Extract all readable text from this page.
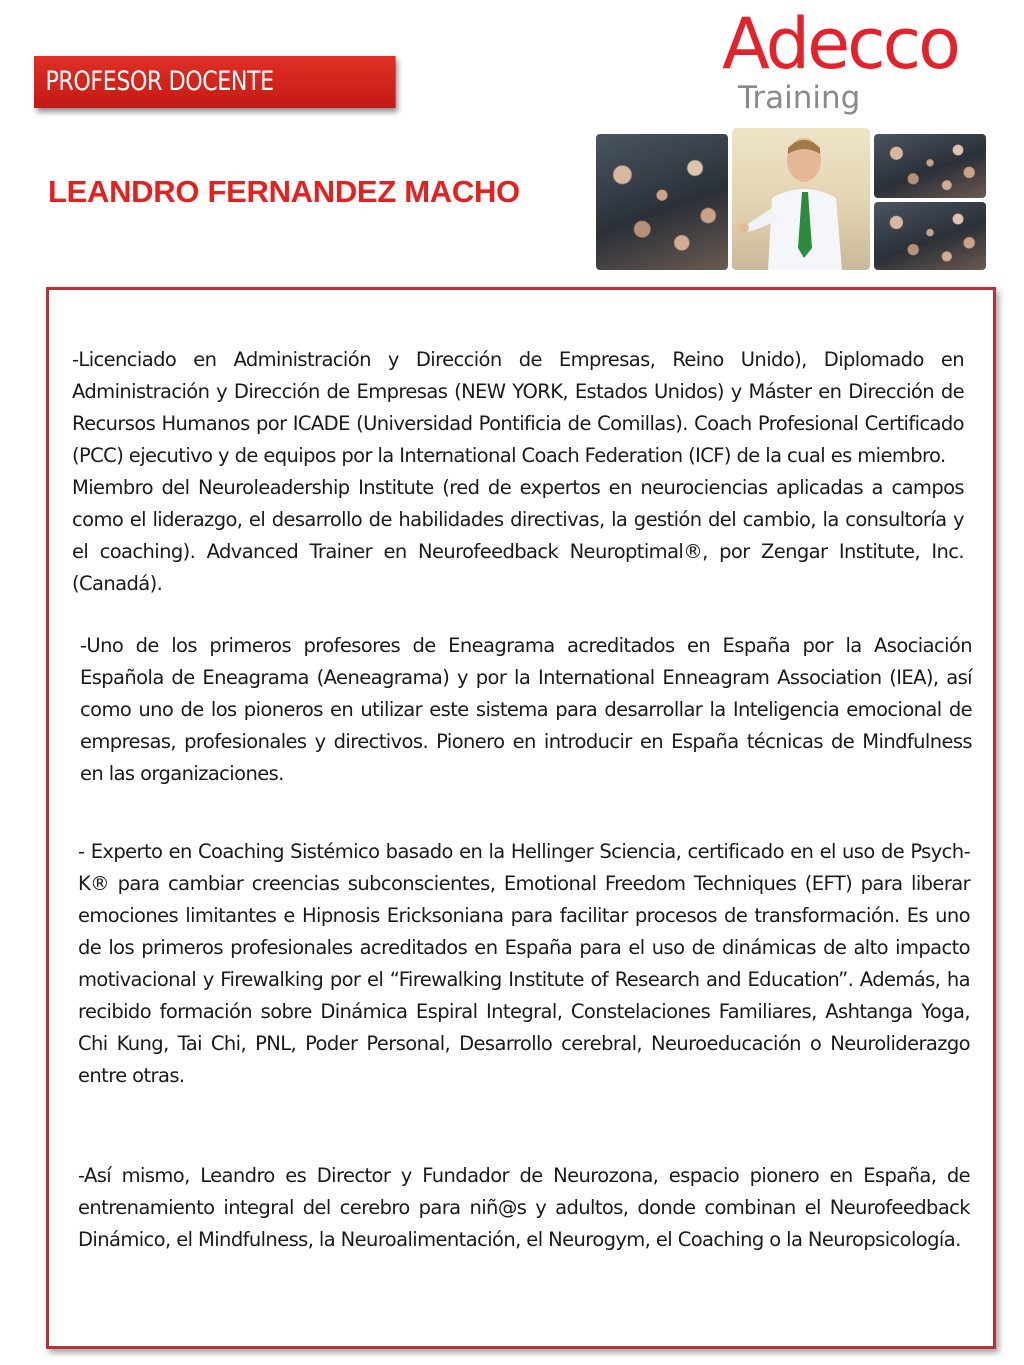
PROFESOR DOCENTE	Adecco
Training
LEANDRO FERNANDEZ MACHO

-Licenciado en Administración y Dirección de Empresas, Reino Unido), Diplomado en Administración y Dirección de Empresas (NEW YORK, Estados Unidos) y Máster en Dirección de Recursos Humanos por ICADE (Universidad Pontificia de Comillas). Coach Profesional Certificado (PCC) ejecutivo y de equipos por la International Coach Federation (ICF) de la cual es miembro.
Miembro del Neuroleadership Institute (red de expertos en neurociencias aplicadas a campos como el liderazgo, el desarrollo de habilidades directivas, la gestión del cambio, la consultoría y el coaching). Advanced Trainer en Neurofeedback Neuroptimal®, por Zengar Institute, Inc. (Canadá).

-Uno de los primeros profesores de Eneagrama acreditados en España por la Asociación Española de Eneagrama (Aeneagrama) y por la International Enneagram Association (IEA), así como uno de los pioneros en utilizar este sistema para desarrollar la Inteligencia emocional de empresas, profesionales y directivos. Pionero en introducir en España técnicas de Mindfulness en las organizaciones.

- Experto en Coaching Sistémico basado en la Hellinger Sciencia, certificado en el uso de Psych-K® para cambiar creencias subconscientes, Emotional Freedom Techniques (EFT) para liberar emociones limitantes e Hipnosis Ericksoniana para facilitar procesos de transformación. Es uno de los primeros profesionales acreditados en España para el uso de dinámicas de alto impacto motivacional y Firewalking por el “Firewalking Institute of Research and Education”. Además, ha recibido formación sobre Dinámica Espiral Integral, Constelaciones Familiares, Ashtanga Yoga, Chi Kung, Tai Chi, PNL, Poder Personal, Desarrollo cerebral, Neuroeducación o Neuroliderazgo entre otras.

-Así mismo, Leandro es Director y Fundador de Neurozona, espacio pionero en España, de entrenamiento integral del cerebro para niñ@s y adultos, donde combinan el Neurofeedback Dinámico, el Mindfulness, la Neuroalimentación, el Neurogym, el Coaching o la Neuropsicología.
